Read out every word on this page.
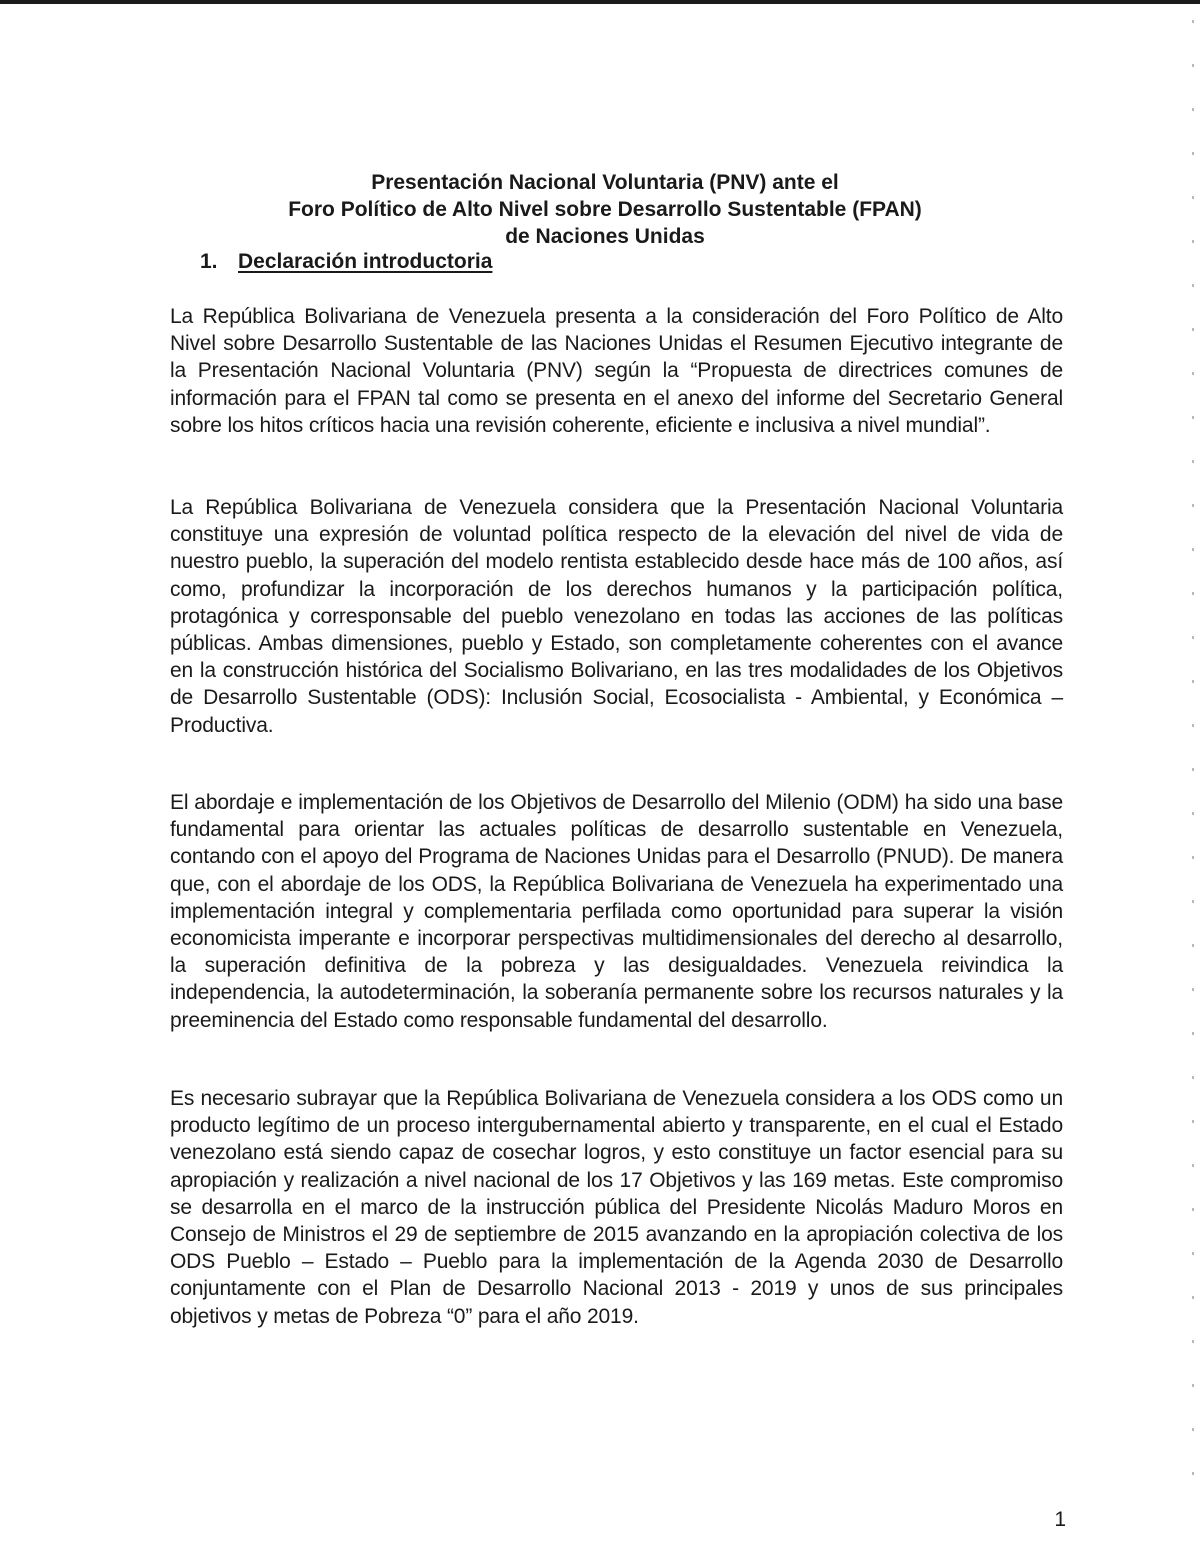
Presentación Nacional Voluntaria (PNV) ante el
Foro Político de Alto Nivel sobre Desarrollo Sustentable (FPAN)
de Naciones Unidas
1. Declaración introductoria

La República Bolivariana de Venezuela presenta a la consideración del Foro Político de Alto Nivel sobre Desarrollo Sustentable de las Naciones Unidas el Resumen Ejecutivo integrante de la Presentación Nacional Voluntaria (PNV) según la “Propuesta de directrices comunes de información para el FPAN tal como se presenta en el anexo del informe del Secretario General sobre los hitos críticos hacia una revisión coherente, eficiente e inclusiva a nivel mundial”.

La República Bolivariana de Venezuela considera que la Presentación Nacional Voluntaria constituye una expresión de voluntad política respecto de la elevación del nivel de vida de nuestro pueblo, la superación del modelo rentista establecido desde hace más de 100 años, así como, profundizar la incorporación de los derechos humanos y la participación política, protagónica y corresponsable del pueblo venezolano en todas las acciones de las políticas públicas. Ambas dimensiones, pueblo y Estado, son completamente coherentes con el avance en la construcción histórica del Socialismo Bolivariano, en las tres modalidades de los Objetivos de Desarrollo Sustentable (ODS): Inclusión Social, Ecosocialista - Ambiental, y Económica – Productiva.

El abordaje e implementación de los Objetivos de Desarrollo del Milenio (ODM) ha sido una base fundamental para orientar las actuales políticas de desarrollo sustentable en Venezuela, contando con el apoyo del Programa de Naciones Unidas para el Desarrollo (PNUD). De manera que, con el abordaje de los ODS, la República Bolivariana de Venezuela ha experimentado una implementación integral y complementaria perfilada como oportunidad para superar la visión economicista imperante e incorporar perspectivas multidimensionales del derecho al desarrollo, la superación definitiva de la pobreza y las desigualdades. Venezuela reivindica la independencia, la autodeterminación, la soberanía permanente sobre los recursos naturales y la preeminencia del Estado como responsable fundamental del desarrollo.

Es necesario subrayar que la República Bolivariana de Venezuela considera a los ODS como un producto legítimo de un proceso intergubernamental abierto y transparente, en el cual el Estado venezolano está siendo capaz de cosechar logros, y esto constituye un factor esencial para su apropiación y realización a nivel nacional de los 17 Objetivos y las 169 metas. Este compromiso se desarrolla en el marco de la instrucción pública del Presidente Nicolás Maduro Moros en Consejo de Ministros el 29 de septiembre de 2015 avanzando en la apropiación colectiva de los ODS Pueblo – Estado – Pueblo para la implementación de la Agenda 2030 de Desarrollo conjuntamente con el Plan de Desarrollo Nacional 2013 - 2019 y unos de sus principales objetivos y metas de Pobreza “0” para el año 2019.

1
